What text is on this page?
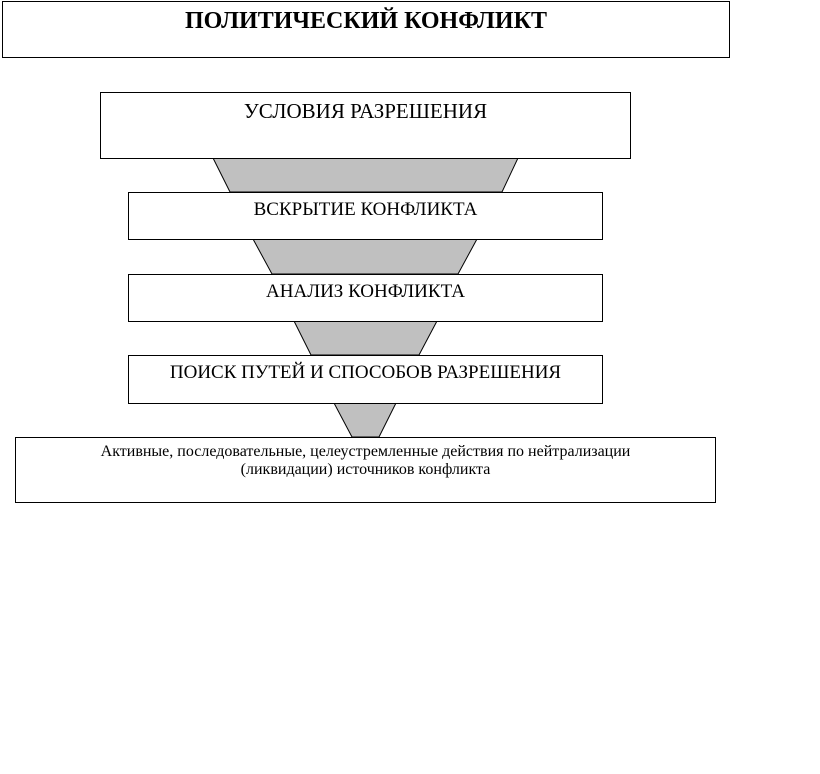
ПОЛИТИЧЕСКИЙ КОНФЛИКТ
УСЛОВИЯ РАЗРЕШЕНИЯ
ВСКРЫТИЕ КОНФЛИКТА
АНАЛИЗ КОНФЛИКТА
ПОИСК ПУТЕЙ И СПОСОБОВ РАЗРЕШЕНИЯ
Активные, последовательные, целеустремленные действия по нейтрализации
(ликвидации) источников конфликта
